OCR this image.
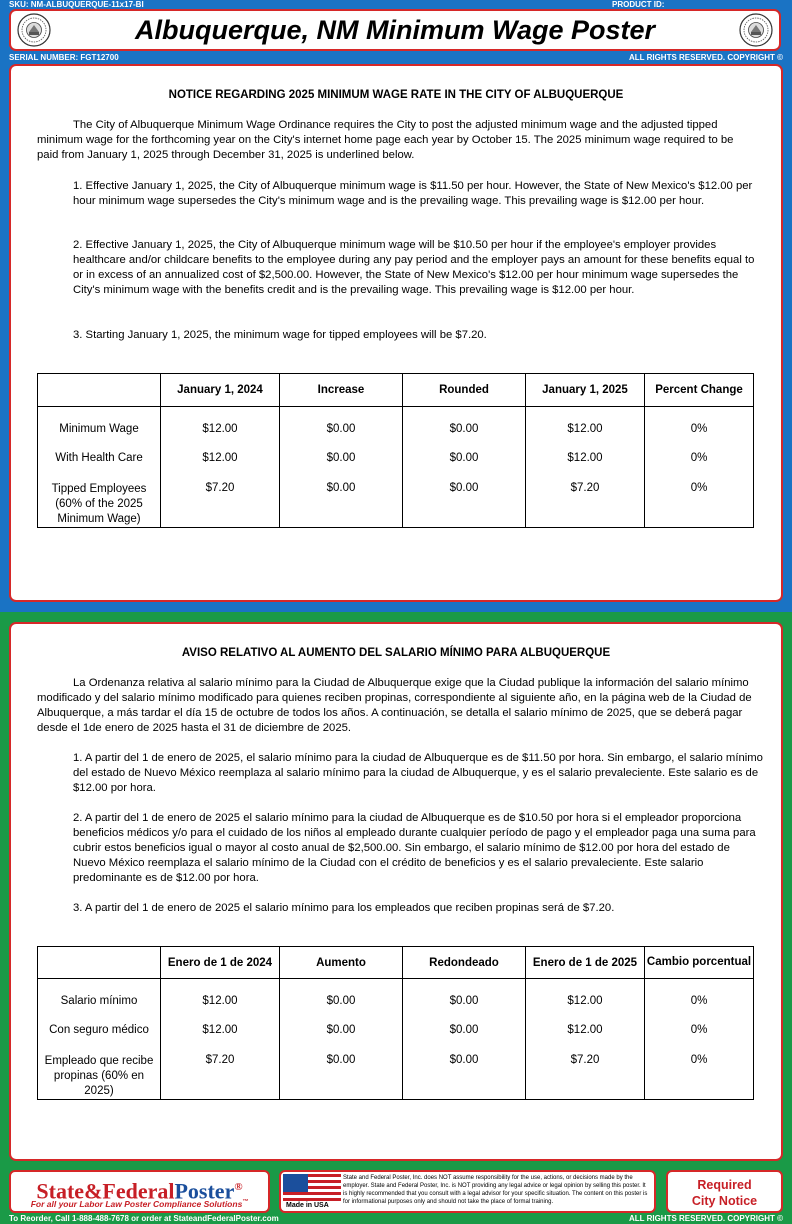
SKU: NM-ALBUQUERQUE-11x17-BI	PRODUCT ID:
Albuquerque, NM Minimum Wage Poster
SERIAL NUMBER: FGT12700	ALL RIGHTS RESERVED. COPYRIGHT ©
NOTICE REGARDING 2025 MINIMUM WAGE RATE IN THE CITY OF ALBUQUERQUE

The City of Albuquerque Minimum Wage Ordinance requires the City to post the adjusted minimum wage and the adjusted tipped minimum wage for the forthcoming year on the City's internet home page each year by October 15. The 2025 minimum wage required to be paid from January 1, 2025 through December 31, 2025 is underlined below.

1. Effective January 1, 2025, the City of Albuquerque minimum wage is $11.50 per hour. However, the State of New Mexico's $12.00 per hour minimum wage supersedes the City's minimum wage and is the prevailing wage. This prevailing wage is $12.00 per hour.

2. Effective January 1, 2025, the City of Albuquerque minimum wage will be $10.50 per hour if the employee's employer provides healthcare and/or childcare benefits to the employee during any pay period and the employer pays an amount for these benefits equal to or in excess of an annualized cost of $2,500.00. However, the State of New Mexico's $12.00 per hour minimum wage supersedes the City's minimum wage with the benefits credit and is the prevailing wage. This prevailing wage is $12.00 per hour.

3. Starting January 1, 2025, the minimum wage for tipped employees will be $7.20.

	January 1, 2024	Increase	Rounded	January 1, 2025	Percent Change
Minimum Wage	$12.00	$0.00	$0.00	$12.00	0%
With Health Care	$12.00	$0.00	$0.00	$12.00	0%
Tipped Employees (60% of the 2025 Minimum Wage)	$7.20	$0.00	$0.00	$7.20	0%
AVISO RELATIVO AL AUMENTO DEL SALARIO MÍNIMO PARA ALBUQUERQUE

La Ordenanza relativa al salario mínimo para la Ciudad de Albuquerque exige que la Ciudad publique la información del salario mínimo modificado y del salario mínimo modificado para quienes reciben propinas, correspondiente al siguiente año, en la página web de la Ciudad de Albuquerque, a más tardar el día 15 de octubre de todos los años. A continuación, se detalla el salario mínimo de 2025, que se deberá pagar desde el 1de enero de 2025 hasta el 31 de diciembre de 2025.

1. A partir del 1 de enero de 2025, el salario mínimo para la ciudad de Albuquerque es de $11.50 por hora. Sin embargo, el salario mínimo del estado de Nuevo México reemplaza al salario mínimo para la ciudad de Albuquerque, y es el salario prevaleciente. Este salario es de $12.00 por hora.

2. A partir del 1 de enero de 2025 el salario mínimo para la ciudad de Albuquerque es de $10.50 por hora si el empleador proporciona beneficios médicos y/o para el cuidado de los niños al empleado durante cualquier período de pago y el empleador paga una suma para cubrir estos beneficios igual o mayor al costo anual de $2,500.00. Sin embargo, el salario mínimo de $12.00 por hora del estado de Nuevo México reemplaza el salario mínimo de la Ciudad con el crédito de beneficios y es el salario prevaleciente. Este salario predominante es de $12.00 por hora.

3. A partir del 1 de enero de 2025 el salario mínimo para los empleados que reciben propinas será de $7.20.

	Enero de 1 de 2024	Aumento	Redondeado	Enero de 1 de 2025	Cambio porcentual
Salario mínimo	$12.00	$0.00	$0.00	$12.00	0%
Con seguro médico	$12.00	$0.00	$0.00	$12.00	0%
Empleado que recibe propinas (60% en 2025)	$7.20	$0.00	$0.00	$7.20	0%
State&FederalPoster®
For all your Labor Law Poster Compliance Solutions™	Made in USA
State and Federal Poster, Inc. does NOT assume responsibility for the use, actions, or decisions made by the employer. State and Federal Poster, Inc. is NOT providing any legal advice or legal opinion by selling this poster. It is highly recommended that you consult with a legal advisor for your specific situation. The content on this poster is for informational purposes only and should not take the place of formal training.
Required
City Notice
To Reorder, Call 1-888-488-7678 or order at StateandFederalPoster.com	ALL RIGHTS RESERVED. COPYRIGHT ©
